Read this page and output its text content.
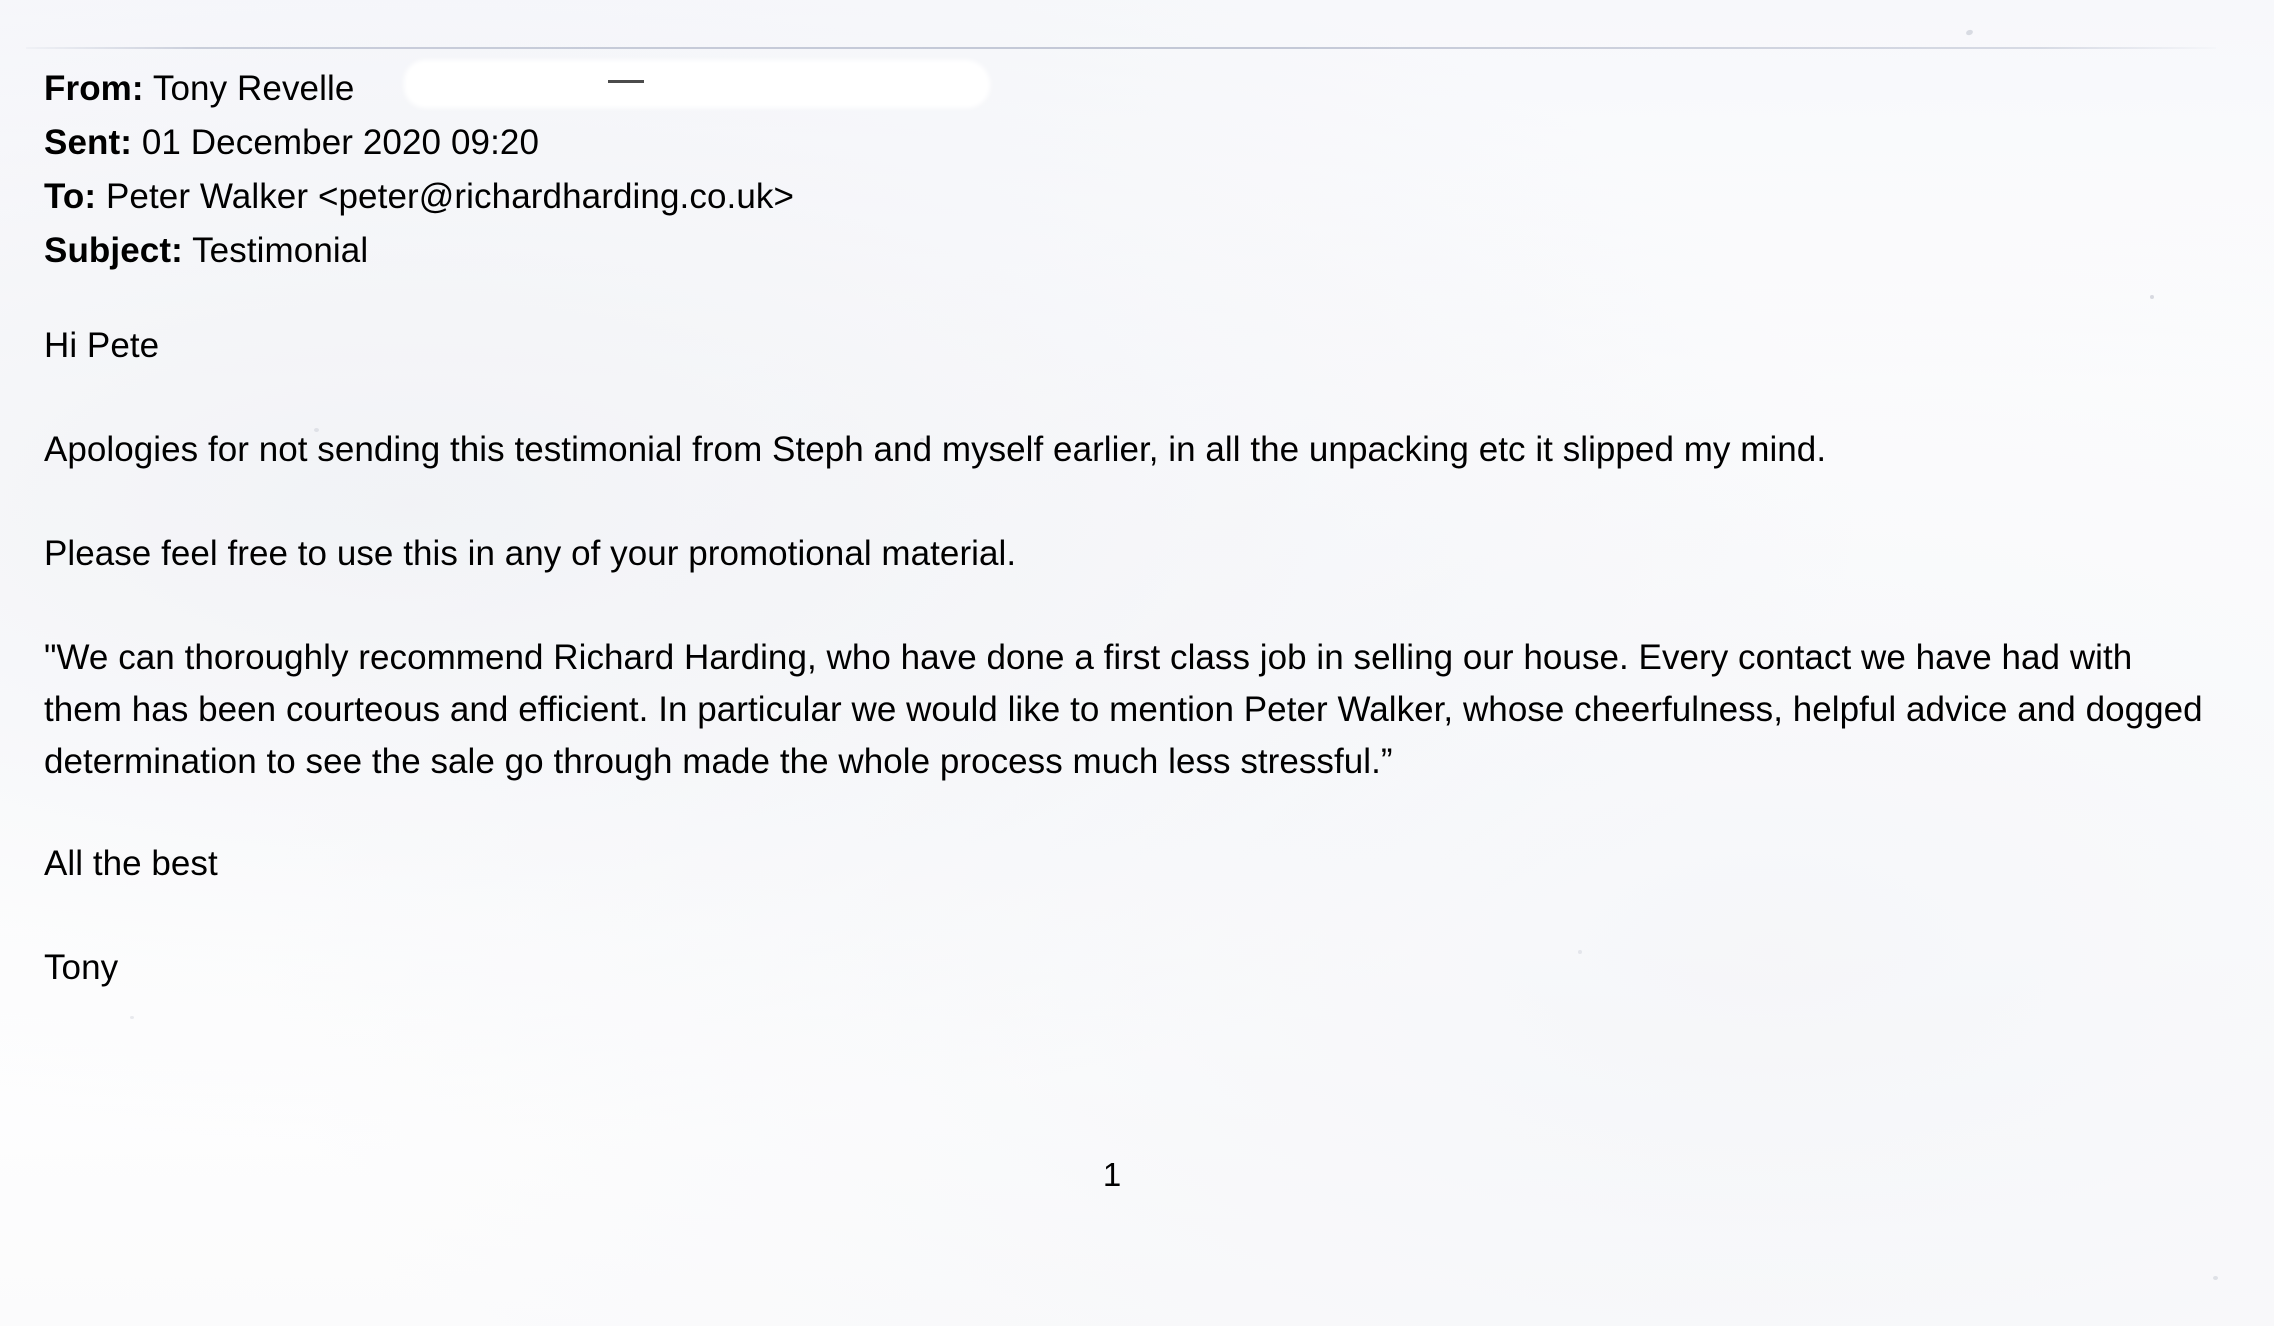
From: Tony Revelle
Sent: 01 December 2020 09:20
To: Peter Walker <peter@richardharding.co.uk>
Subject: Testimonial

Hi Pete

Apologies for not sending this testimonial from Steph and myself earlier, in all the unpacking etc it slipped my mind.

Please feel free to use this in any of your promotional material.

"We can thoroughly recommend Richard Harding, who have done a first class job in selling our house. Every contact we have had with them has been courteous and efficient. In particular we would like to mention Peter Walker, whose cheerfulness, helpful advice and dogged determination to see the sale go through made the whole process much less stressful.”

All the best

Tony

1
